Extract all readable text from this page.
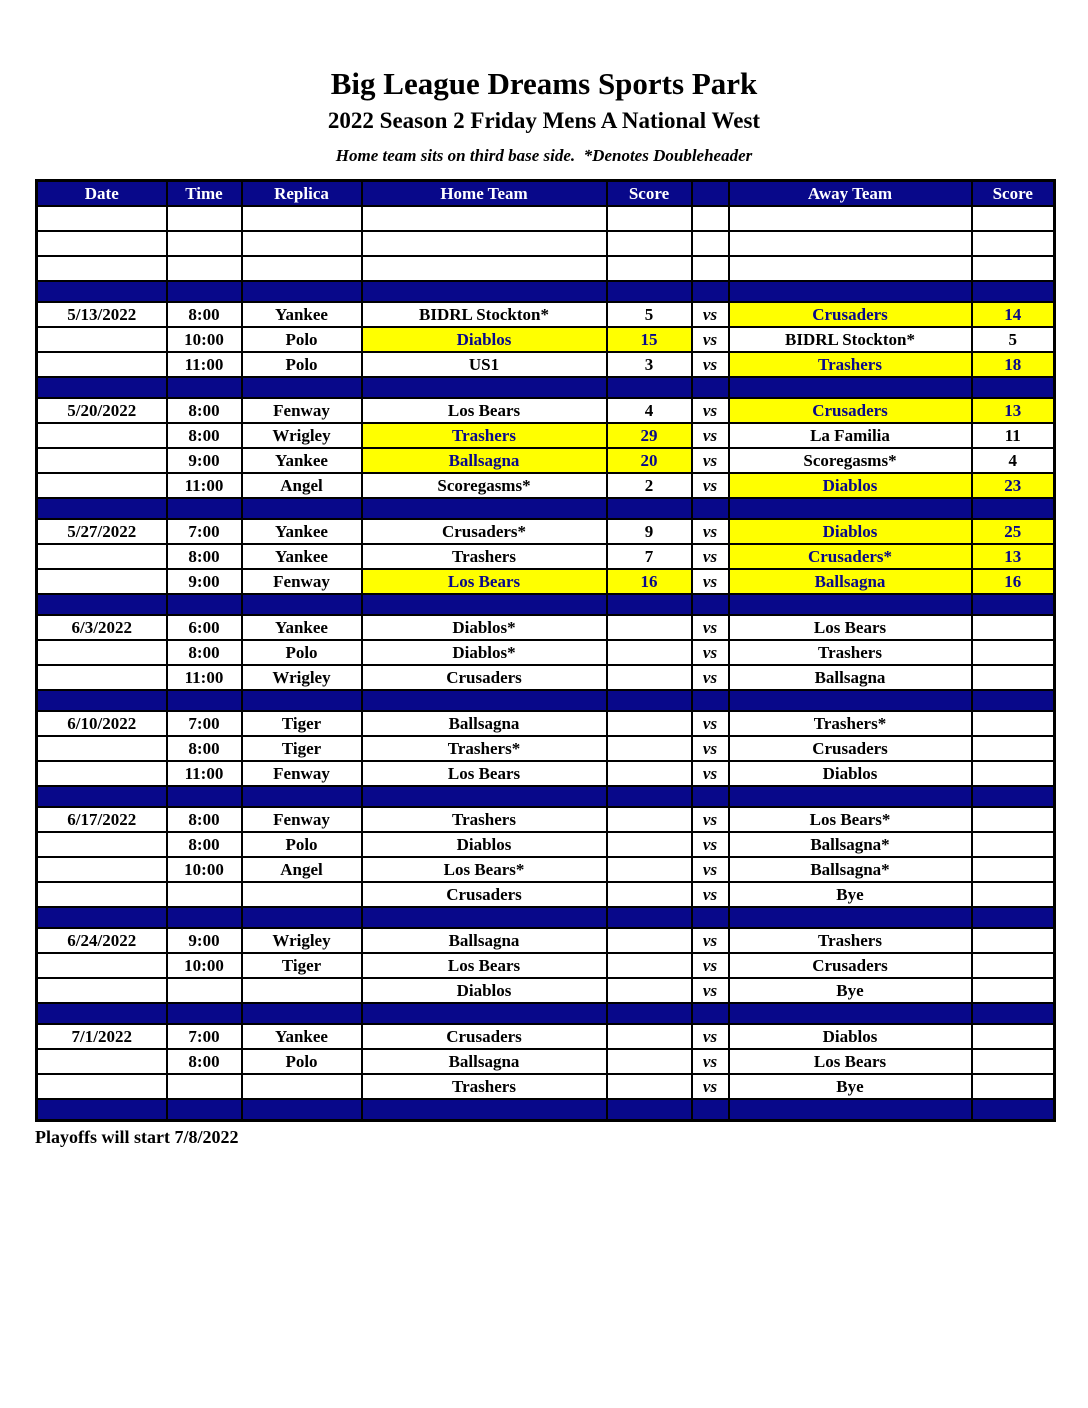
Big League Dreams Sports Park
2022 Season 2 Friday Mens A National West
Home team sits on third base side.  *Denotes Doubleheader
Date	Time	Replica	Home Team	Score		Away Team	Score

5/13/2022	8:00	Yankee	BIDRL Stockton*	5	vs	Crusaders	14
	10:00	Polo	Diablos	15	vs	BIDRL Stockton*	5
	11:00	Polo	US1	3	vs	Trashers	18

5/20/2022	8:00	Fenway	Los Bears	4	vs	Crusaders	13
	8:00	Wrigley	Trashers	29	vs	La Familia	11
	9:00	Yankee	Ballsagna	20	vs	Scoregasms*	4
	11:00	Angel	Scoregasms*	2	vs	Diablos	23

5/27/2022	7:00	Yankee	Crusaders*	9	vs	Diablos	25
	8:00	Yankee	Trashers	7	vs	Crusaders*	13
	9:00	Fenway	Los Bears	16	vs	Ballsagna	16

6/3/2022	6:00	Yankee	Diablos*		vs	Los Bears	
	8:00	Polo	Diablos*		vs	Trashers	
	11:00	Wrigley	Crusaders		vs	Ballsagna	

6/10/2022	7:00	Tiger	Ballsagna		vs	Trashers*	
	8:00	Tiger	Trashers*		vs	Crusaders	
	11:00	Fenway	Los Bears		vs	Diablos	

6/17/2022	8:00	Fenway	Trashers		vs	Los Bears*	
	8:00	Polo	Diablos		vs	Ballsagna*	
	10:00	Angel	Los Bears*		vs	Ballsagna*	
			Crusaders		vs	Bye	

6/24/2022	9:00	Wrigley	Ballsagna		vs	Trashers	
	10:00	Tiger	Los Bears		vs	Crusaders	
			Diablos		vs	Bye	

7/1/2022	7:00	Yankee	Crusaders		vs	Diablos	
	8:00	Polo	Ballsagna		vs	Los Bears	
			Trashers		vs	Bye	

Playoffs will start 7/8/2022
